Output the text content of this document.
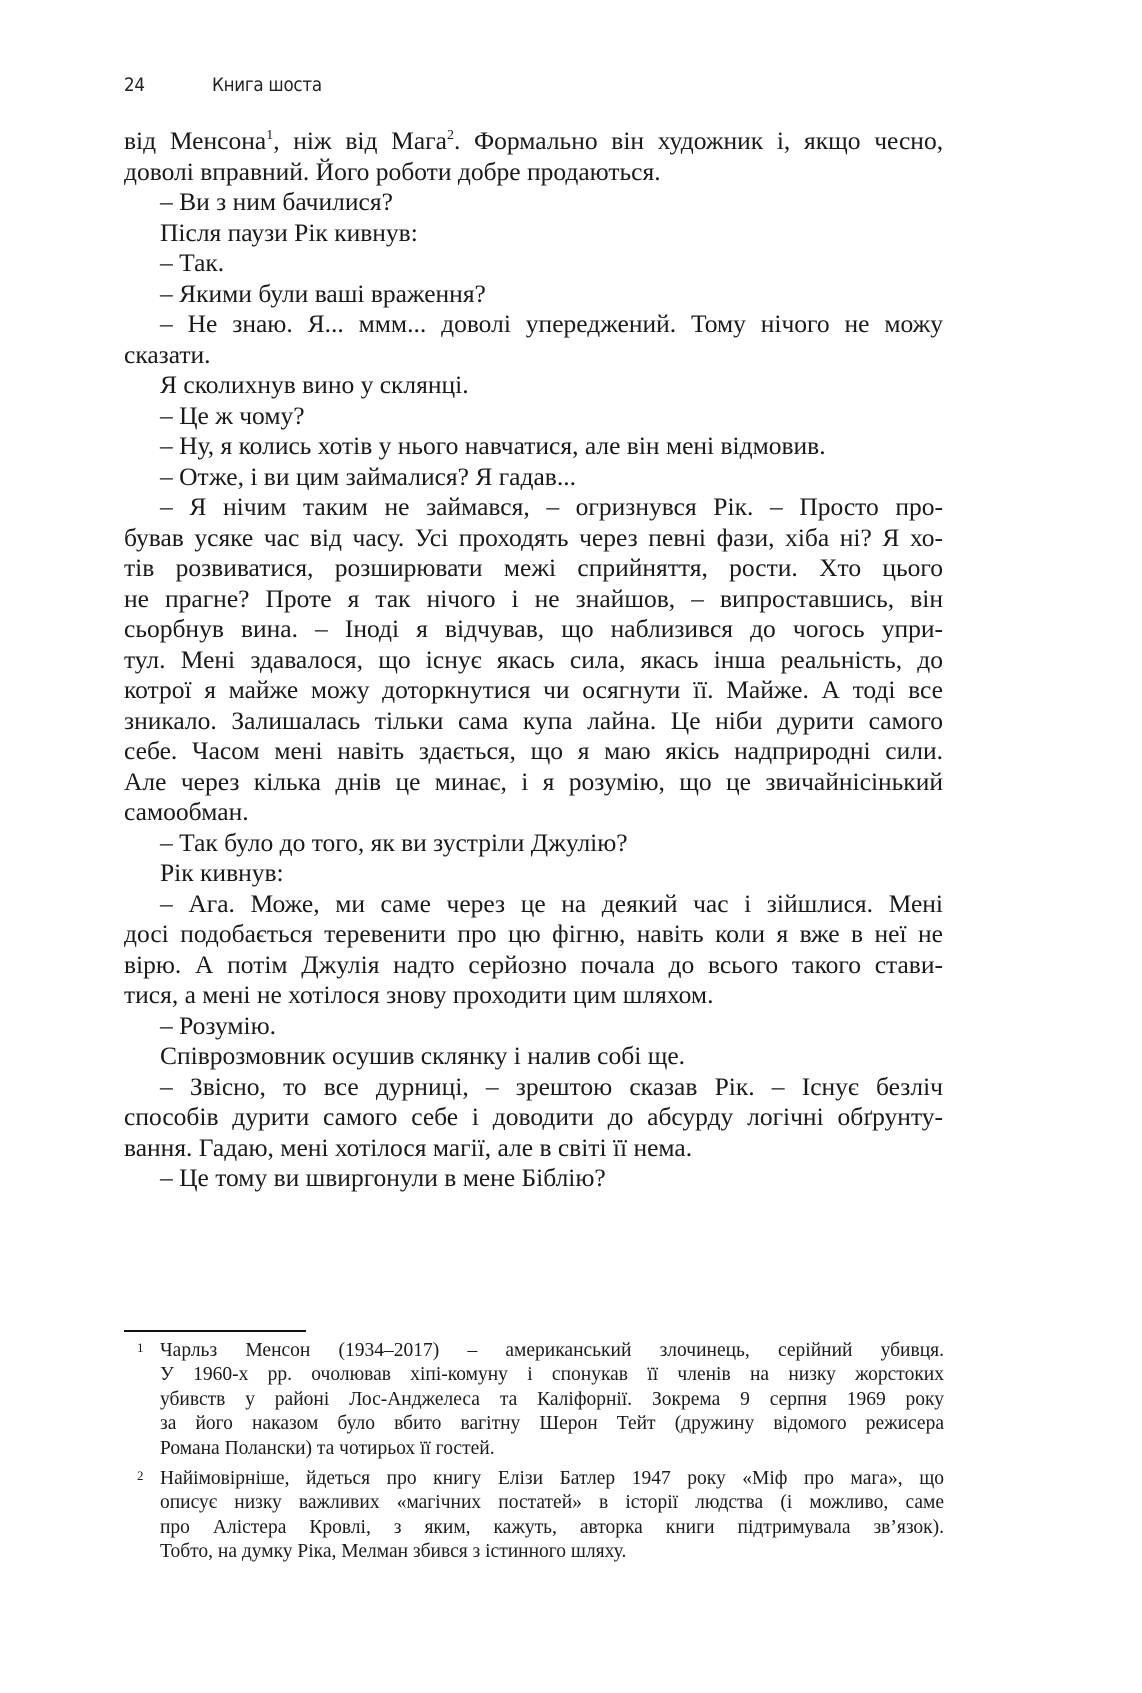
24	Книга шоста
від Менсона$^1$, ніж від Мага$^2$. Формально він художник і, якщо чесно,
доволі вправний. Його роботи добре продаються.
– Ви з ним бачилися?
Після паузи Рік кивнув:
– Так.
– Якими були ваші враження?
– Не знаю. Я... ммм... доволі упереджений. Тому нічого не можу
сказати.
Я сколихнув вино у склянці.
– Це ж чому?
– Ну, я колись хотів у нього навчатися, але він мені відмовив.
– Отже, і ви цим займалися? Я гадав...
– Я нічим таким не займався, – огризнувся Рік. – Просто про-
бував усяке час від часу. Усі проходять через певні фази, хіба ні? Я хо-
тів розвиватися, розширювати межі сприйняття, рости. Хто цього
не прагне? Проте я так нічого і не знайшов, – випроставшись, він
сьорбнув вина. – Іноді я відчував, що наблизився до чогось упри-
тул. Мені здавалося, що існує якась сила, якась інша реальність, до
котрої я майже можу доторкнутися чи осягнути її. Майже. А тоді все
зникало. Залишалась тільки сама купа лайна. Це ніби дурити самого
себе. Часом мені навіть здається, що я маю якісь надприродні сили.
Але через кілька днів це минає, і я розумію, що це звичайнісінький
самообман.
– Так було до того, як ви зустріли Джулію?
Рік кивнув:
– Ага. Може, ми саме через це на деякий час і зійшлися. Мені
досі подобається теревенити про цю фігню, навіть коли я вже в неї не
вірю. А потім Джулія надто серйозно почала до всього такого стави-
тися, а мені не хотілося знову проходити цим шляхом.
– Розумію.
Співрозмовник осушив склянку і налив собі ще.
– Звісно, то все дурниці, – зрештою сказав Рік. – Існує безліч
способів дурити самого себе і доводити до абсурду логічні обґрунту-
вання. Гадаю, мені хотілося магії, але в світі її нема.
– Це тому ви швиргонули в мене Біблію?
1 Чарльз Менсон (1934–2017) – американський злочинець, серійний убивця.
У 1960-х рр. очолював хіпі-комуну і спонукав її членів на низку жорстоких
убивств у районі Лос-Анджелеса та Каліфорнії. Зокрема 9 серпня 1969 року
за його наказом було вбито вагітну Шерон Тейт (дружину відомого режисера
Романа Полански) та чотирьох її гостей.
2 Найімовірніше, йдеться про книгу Елізи Батлер 1947 року «Міф про мага», що
описує низку важливих «магічних постатей» в історії людства (і можливо, саме
про Алістера Кровлі, з яким, кажуть, авторка книги підтримувала зв’язок).
Тобто, на думку Ріка, Мелман збився з істинного шляху.
